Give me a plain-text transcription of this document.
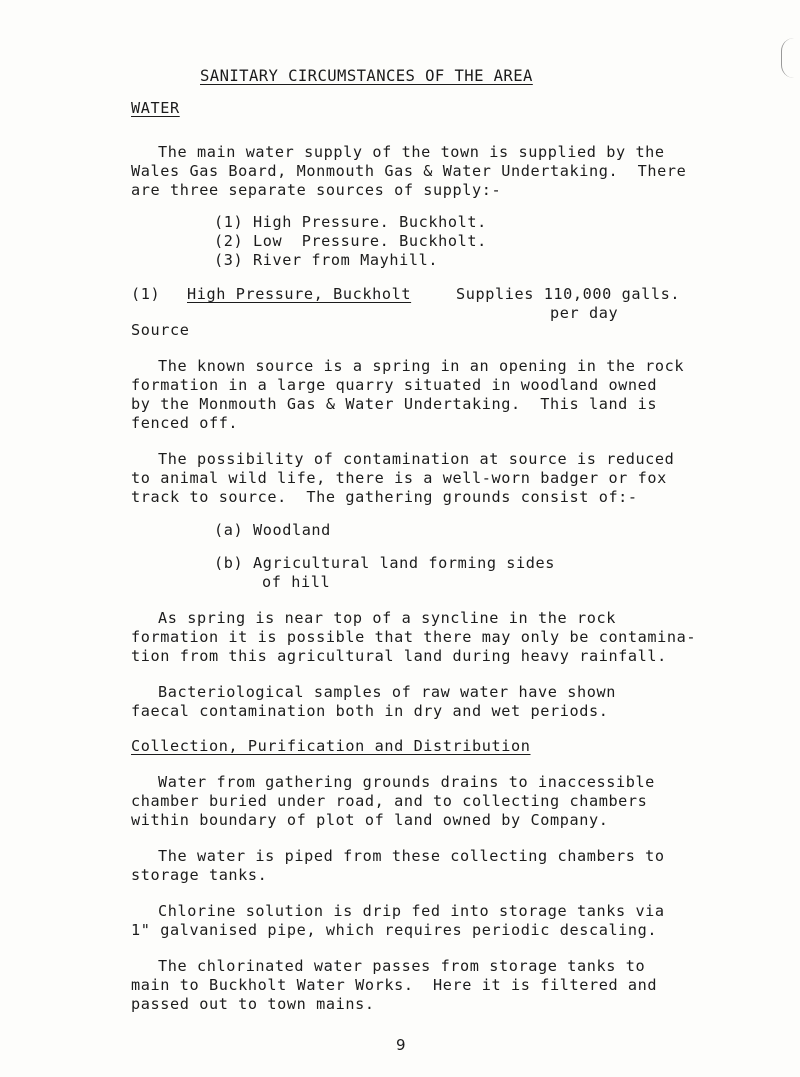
SANITARY CIRCUMSTANCES OF THE AREA
WATER
The main water supply of the town is supplied by the
Wales Gas Board, Monmouth Gas & Water Undertaking.  There
are three separate sources of supply:-
(1) High Pressure. Buckholt.
(2) Low  Pressure. Buckholt.
(3) River from Mayhill.
(1) High Pressure, Buckholt	Supplies 110,000 galls.
per day
Source
The known source is a spring in an opening in the rock
formation in a large quarry situated in woodland owned
by the Monmouth Gas & Water Undertaking.  This land is
fenced off.
The possibility of contamination at source is reduced
to animal wild life, there is a well-worn badger or fox
track to source.  The gathering grounds consist of:-
(a) Woodland
(b) Agricultural land forming sides
of hill
As spring is near top of a syncline in the rock
formation it is possible that there may only be contamina-
tion from this agricultural land during heavy rainfall.
Bacteriological samples of raw water have shown
faecal contamination both in dry and wet periods.
Collection, Purification and Distribution
Water from gathering grounds drains to inaccessible
chamber buried under road, and to collecting chambers
within boundary of plot of land owned by Company.
The water is piped from these collecting chambers to
storage tanks.
Chlorine solution is drip fed into storage tanks via
1" galvanised pipe, which requires periodic descaling.
The chlorinated water passes from storage tanks to
main to Buckholt Water Works.  Here it is filtered and
passed out to town mains.
9
